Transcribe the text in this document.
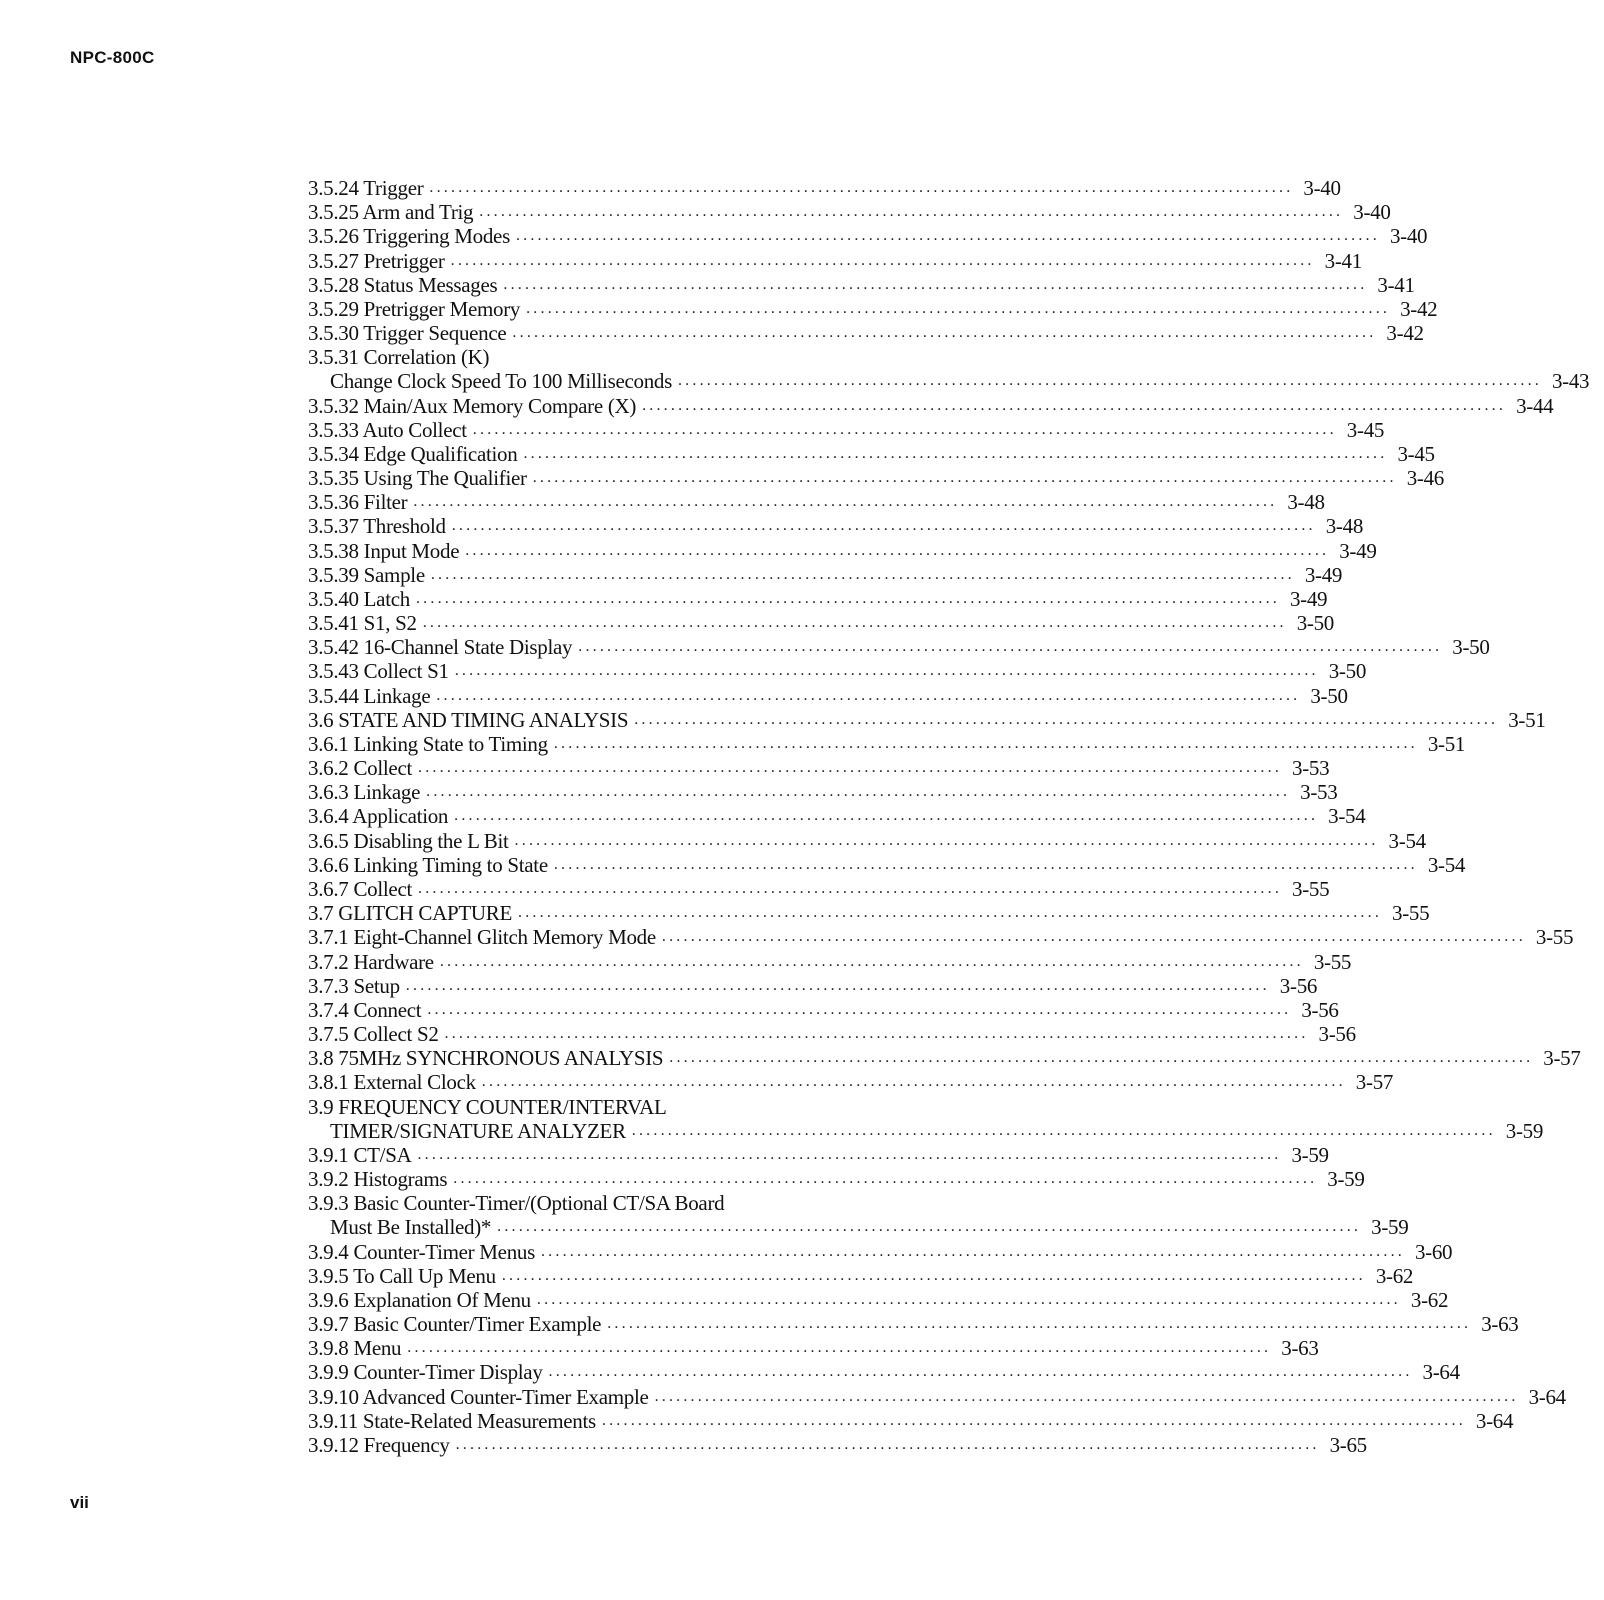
NPC-800C
3.5.24 Trigger ........................................................................................................................ 3-40
3.5.25 Arm and Trig ........................................................................................................................ 3-40
3.5.26 Triggering Modes ........................................................................................................................ 3-40
3.5.27 Pretrigger ........................................................................................................................ 3-41
3.5.28 Status Messages ........................................................................................................................ 3-41
3.5.29 Pretrigger Memory ........................................................................................................................ 3-42
3.5.30 Trigger Sequence ........................................................................................................................ 3-42
3.5.31 Correlation (K)
Change Clock Speed To 100 Milliseconds ........................................................................................................................ 3-43
3.5.32 Main/Aux Memory Compare (X) ........................................................................................................................ 3-44
3.5.33 Auto Collect ........................................................................................................................ 3-45
3.5.34 Edge Qualification ........................................................................................................................ 3-45
3.5.35 Using The Qualifier ........................................................................................................................ 3-46
3.5.36 Filter ........................................................................................................................ 3-48
3.5.37 Threshold ........................................................................................................................ 3-48
3.5.38 Input Mode ........................................................................................................................ 3-49
3.5.39 Sample ........................................................................................................................ 3-49
3.5.40 Latch ........................................................................................................................ 3-49
3.5.41 S1, S2 ........................................................................................................................ 3-50
3.5.42 16-Channel State Display ........................................................................................................................ 3-50
3.5.43 Collect S1 ........................................................................................................................ 3-50
3.5.44 Linkage ........................................................................................................................ 3-50
3.6 STATE AND TIMING ANALYSIS ........................................................................................................................ 3-51
3.6.1 Linking State to Timing ........................................................................................................................ 3-51
3.6.2 Collect ........................................................................................................................ 3-53
3.6.3 Linkage ........................................................................................................................ 3-53
3.6.4 Application ........................................................................................................................ 3-54
3.6.5 Disabling the L Bit ........................................................................................................................ 3-54
3.6.6 Linking Timing to State ........................................................................................................................ 3-54
3.6.7 Collect ........................................................................................................................ 3-55
3.7 GLITCH CAPTURE ........................................................................................................................ 3-55
3.7.1 Eight-Channel Glitch Memory Mode ........................................................................................................................ 3-55
3.7.2 Hardware ........................................................................................................................ 3-55
3.7.3 Setup ........................................................................................................................ 3-56
3.7.4 Connect ........................................................................................................................ 3-56
3.7.5 Collect S2 ........................................................................................................................ 3-56
3.8 75MHz SYNCHRONOUS ANALYSIS ........................................................................................................................ 3-57
3.8.1 External Clock ........................................................................................................................ 3-57
3.9 FREQUENCY COUNTER/INTERVAL
TIMER/SIGNATURE ANALYZER ........................................................................................................................ 3-59
3.9.1 CT/SA ........................................................................................................................ 3-59
3.9.2 Histograms ........................................................................................................................ 3-59
3.9.3 Basic Counter-Timer/(Optional CT/SA Board
Must Be Installed)* ........................................................................................................................ 3-59
3.9.4 Counter-Timer Menus ........................................................................................................................ 3-60
3.9.5 To Call Up Menu ........................................................................................................................ 3-62
3.9.6 Explanation Of Menu ........................................................................................................................ 3-62
3.9.7 Basic Counter/Timer Example ........................................................................................................................ 3-63
3.9.8 Menu ........................................................................................................................ 3-63
3.9.9 Counter-Timer Display ........................................................................................................................ 3-64
3.9.10 Advanced Counter-Timer Example ........................................................................................................................ 3-64
3.9.11 State-Related Measurements ........................................................................................................................ 3-64
3.9.12 Frequency ........................................................................................................................ 3-65
vii
